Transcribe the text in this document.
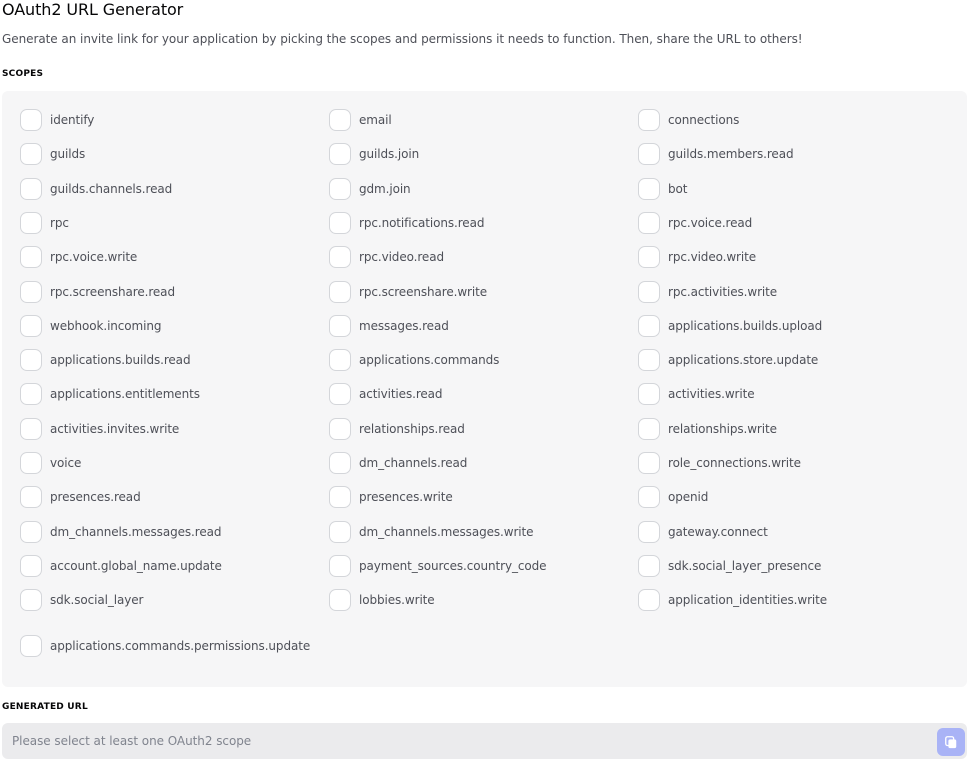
OAuth2 URL Generator
Generate an invite link for your application by picking the scopes and permissions it needs to function. Then, share the URL to others!
SCOPES
identify	email	connections
guilds	guilds.join	guilds.members.read
guilds.channels.read	gdm.join	bot
rpc	rpc.notifications.read	rpc.voice.read
rpc.voice.write	rpc.video.read	rpc.video.write
rpc.screenshare.read	rpc.screenshare.write	rpc.activities.write
webhook.incoming	messages.read	applications.builds.upload
applications.builds.read	applications.commands	applications.store.update
applications.entitlements	activities.read	activities.write
activities.invites.write	relationships.read	relationships.write
voice	dm_channels.read	role_connections.write
presences.read	presences.write	openid
dm_channels.messages.read	dm_channels.messages.write	gateway.connect
account.global_name.update	payment_sources.country_code	sdk.social_layer_presence
sdk.social_layer	lobbies.write	application_identities.write
applications.commands.permissions.update
GENERATED URL
Please select at least one OAuth2 scope
